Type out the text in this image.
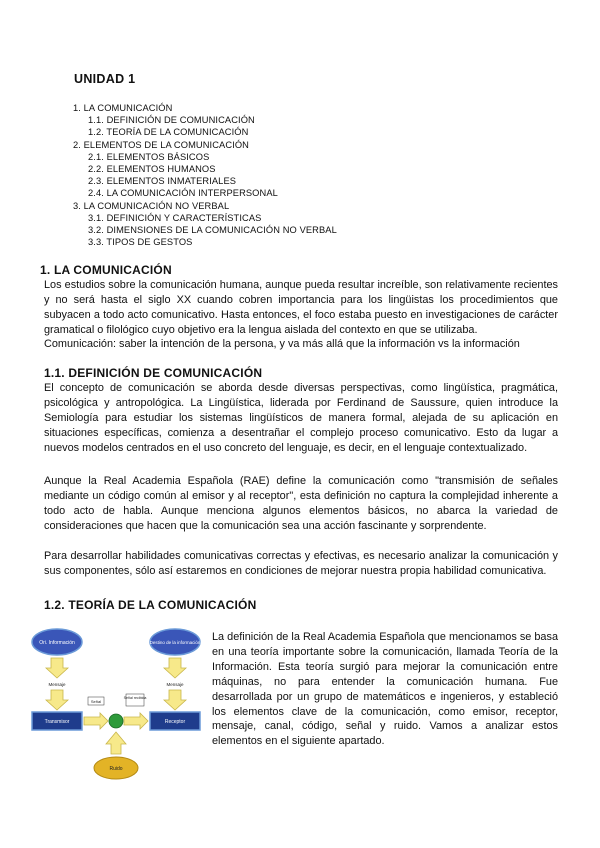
UNIDAD 1
1. LA COMUNICACIÓN
1.1. DEFINICIÓN DE COMUNICACIÓN
1.2. TEORÍA DE LA COMUNICACIÓN
2. ELEMENTOS DE LA COMUNICACIÓN
2.1. ELEMENTOS BÁSICOS
2.2. ELEMENTOS HUMANOS
2.3. ELEMENTOS INMATERIALES
2.4. LA COMUNICACIÓN INTERPERSONAL
3. LA COMUNICACIÓN NO VERBAL
3.1. DEFINICIÓN Y CARACTERÍSTICAS
3.2. DIMENSIONES DE LA COMUNICACIÓN NO VERBAL
3.3. TIPOS DE GESTOS
1. LA COMUNICACIÓN
Los estudios sobre la comunicación humana, aunque pueda resultar increíble, son relativamente recientes y no será hasta el siglo XX cuando cobren importancia para los lingüistas los procedimientos que subyacen a todo acto comunicativo. Hasta entonces, el foco estaba puesto en investigaciones de carácter gramatical o filológico cuyo objetivo era la lengua aislada del contexto en que se utilizaba.
Comunicación: saber la intención de la persona, y va más allá que la información vs la información
1.1. DEFINICIÓN DE COMUNICACIÓN
El concepto de comunicación se aborda desde diversas perspectivas, como lingüística, pragmática, psicológica y antropológica. La Lingüística, liderada por Ferdinand de Saussure, quien introduce la Semiología para estudiar los sistemas lingüísticos de manera formal, alejada de su aplicación en situaciones específicas, comienza a desentrañar el complejo proceso comunicativo. Esto da lugar a nuevos modelos centrados en el uso concreto del lenguaje, es decir, en el lenguaje contextualizado.
Aunque la Real Academia Española (RAE) define la comunicación como "transmisión de señales mediante un código común al emisor y al receptor", esta definición no captura la complejidad inherente a todo acto de habla. Aunque menciona algunos elementos básicos, no abarca la variedad de consideraciones que hacen que la comunicación sea una acción fascinante y sorprendente.
Para desarrollar habilidades comunicativas correctas y efectivas, es necesario analizar la comunicación y sus componentes, sólo así estaremos en condiciones de mejorar nuestra propia habilidad comunicativa.
1.2. TEORÍA DE LA COMUNICACIÓN
Ori. Información	Destino de la información
Mensaje	Mensaje
Transmisor	Receptor
Señal
Señal recibida
Ruido
La definición de la Real Academia Española que mencionamos se basa en una teoría importante sobre la comunicación, llamada Teoría de la Información. Esta teoría surgió para mejorar la comunicación entre máquinas, no para entender la comunicación humana. Fue desarrollada por un grupo de matemáticos e ingenieros, y estableció los elementos clave de la comunicación, como emisor, receptor, mensaje, canal, código, señal y ruido. Vamos a analizar estos elementos en el siguiente apartado.
